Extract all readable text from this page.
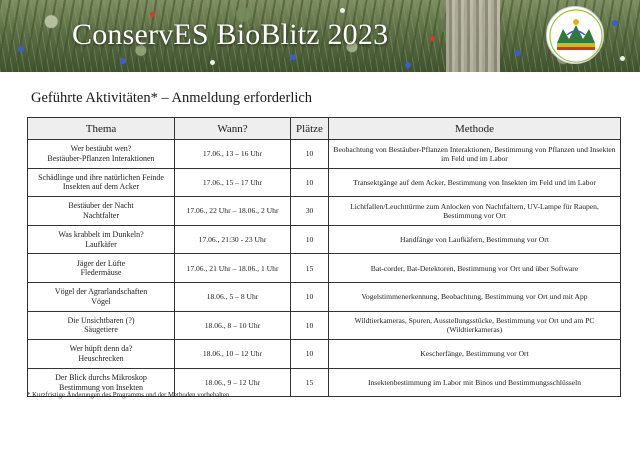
ConservES BioBlitz 2023
Geführte Aktivitäten* – Anmeldung erforderlich
Thema	Wann?	Plätze	Methode

Wer bestäubt wen?
Bestäuber-Pflanzen Interaktionen	17.06., 13 – 16 Uhr	10	Beobachtung von Bestäuber-Pflanzen Interaktionen, Bestimmung von Pflanzen und Insekten im Feld und im Labor

Schädlinge und ihre natürlichen Feinde
Insekten auf dem Acker	17.06., 15 – 17 Uhr	10	Transektgänge auf dem Acker, Bestimmung von Insekten im Feld und im Labor

Bestäuber der Nacht
Nachtfalter	17.06., 22 Uhr – 18.06., 2 Uhr	30	Lichtfallen/Leuchttürme zum Anlocken von Nachtfaltern, UV-Lampe für Raupen, Bestimmung vor Ort

Was krabbelt im Dunkeln?
Laufkäfer	17.06., 21:30 - 23 Uhr	10	Handfänge von Laufkäfern, Bestimmung vor Ort

Jäger der Lüfte
Fledermäuse	17.06., 21 Uhr – 18.06., 1 Uhr	15	Bat-corder, Bat-Detektoren, Bestimmung vor Ort und über Software

Vögel der Agrarlandschaften
Vögel	18.06., 5 – 8 Uhr	10	Vogelstimmenerkennung, Beobachtung, Bestimmung vor Ort und mit App

Die Unsichtbaren (?)
Säugetiere	18.06., 8 – 10 Uhr	10	Wildtierkameras, Spuren, Ausstellungsstücke, Bestimmung vor Ort und am PC (Wildtierkameras)

Wer hüpft denn da?
Heuschrecken	18.06., 10 – 12 Uhr	10	Kescherfänge, Bestimmung vor Ort

Der Blick durchs Mikroskop
Bestimmung von Insekten	18.06., 9 – 12 Uhr	15	Insektenbestimmung im Labor mit Binos und Bestimmungsschlüsseln
* Kurzfristige Änderungen des Programms und der Methoden vorbehalten
